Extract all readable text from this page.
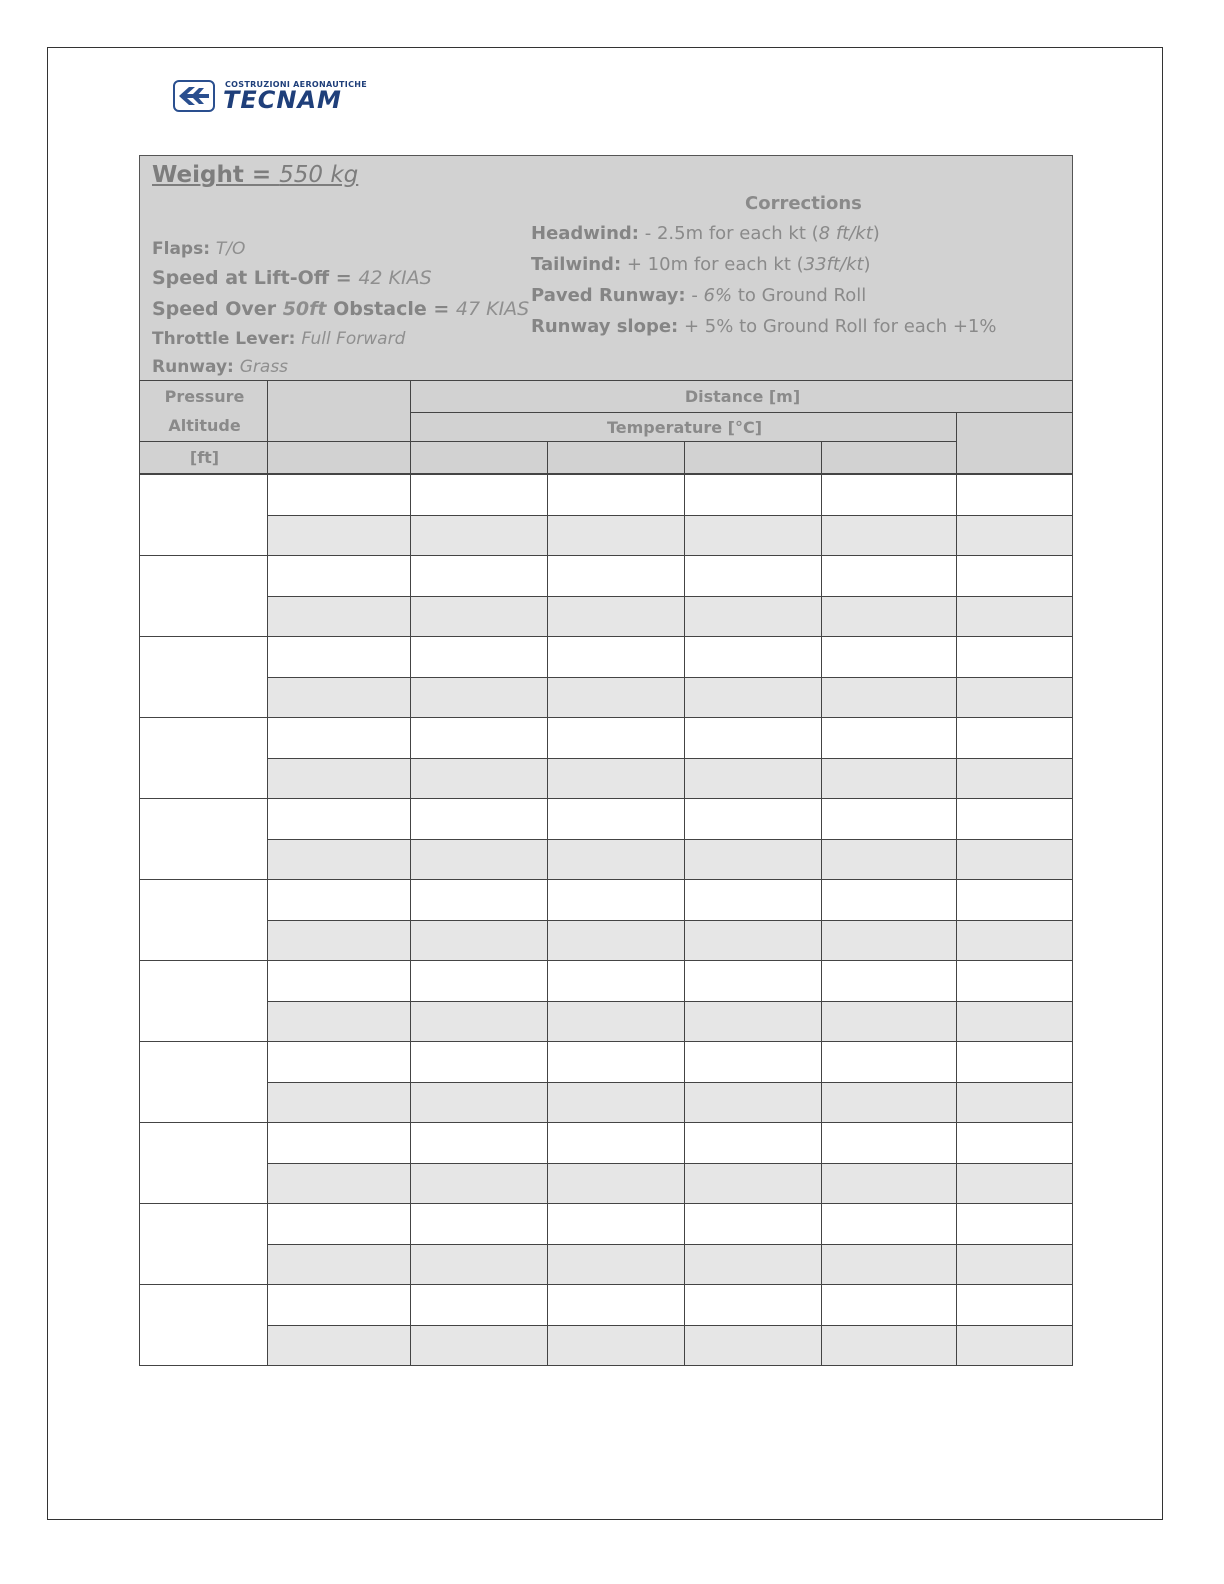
COSTRUZIONI AERONAUTICHE
TECNAM
Weight = 550 kg
Flaps: T/O
Speed at Lift-Off = 42 KIAS
Speed Over 50ft Obstacle = 47 KIAS
Throttle Lever: Full Forward
Runway: Grass
Corrections
Headwind: - 2.5m for each kt (8 ft/kt)
Tailwind: + 10m for each kt (33ft/kt)
Paved Runway: - 6% to Ground Roll
Runway slope: + 5% to Ground Roll for each +1%
Pressure
Altitude
Distance [m]
Temperature [°C]
[ft]
